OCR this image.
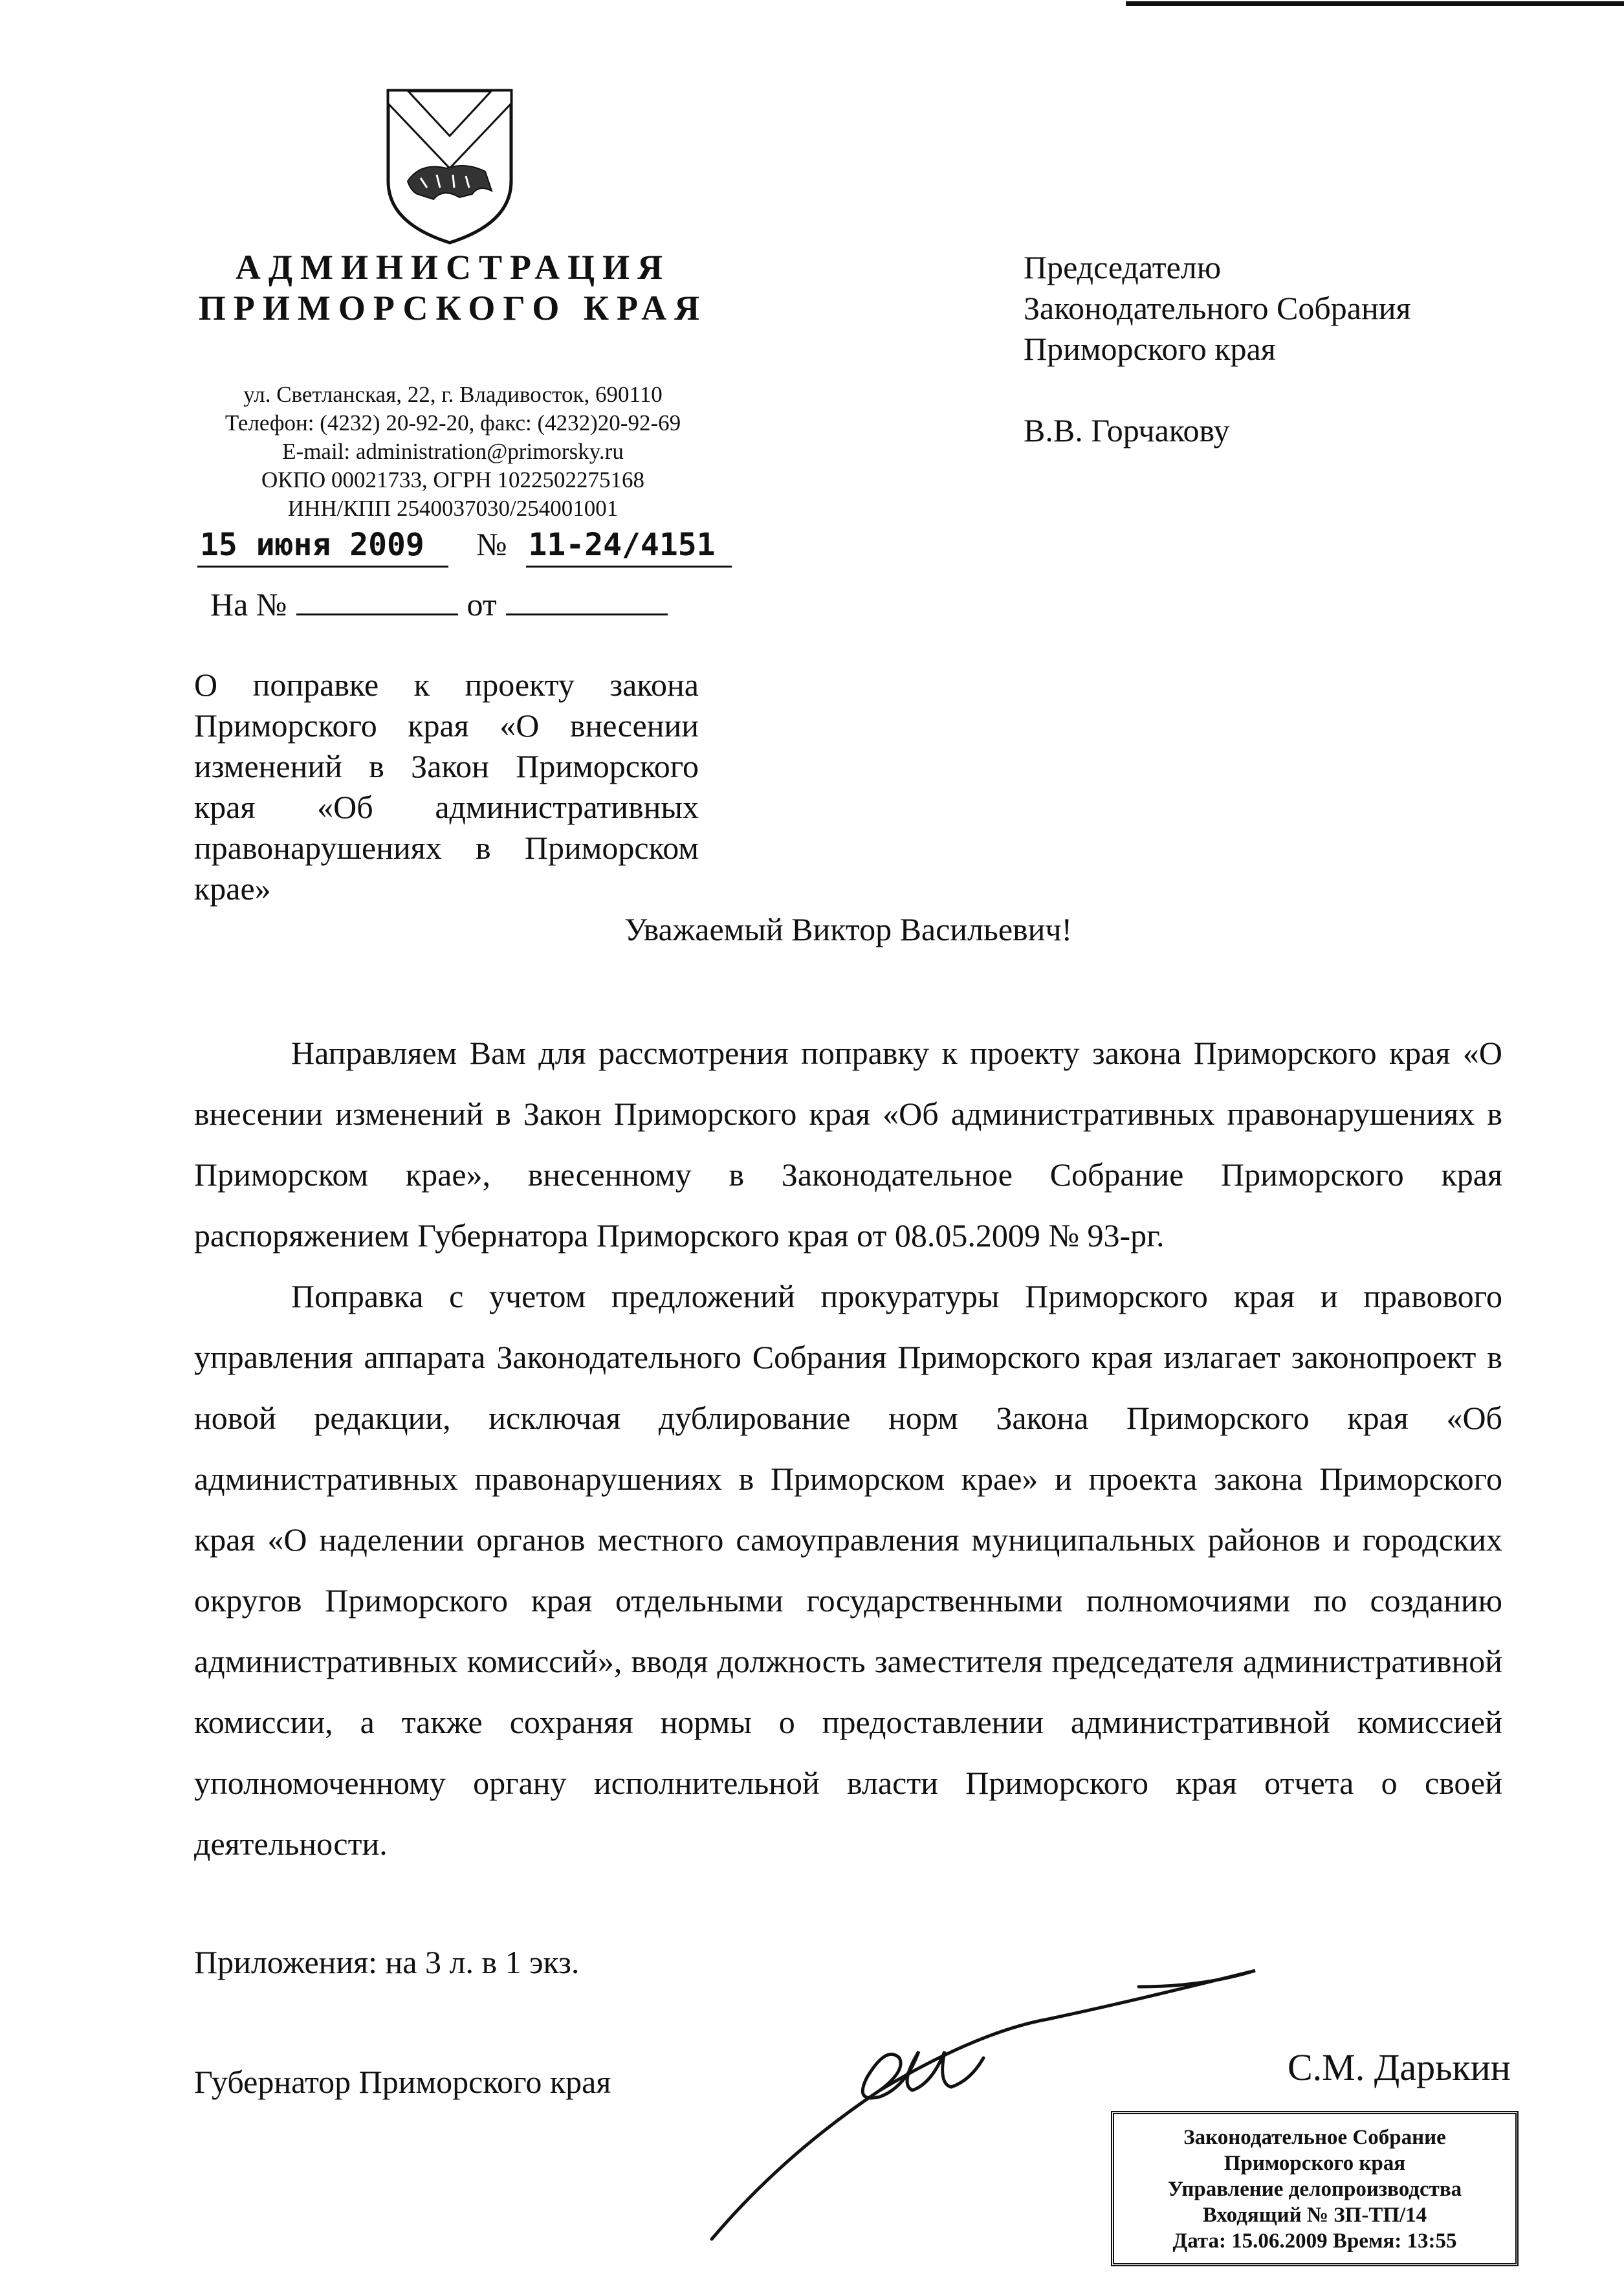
АДМИНИСТРАЦИЯ
ПРИМОРСКОГО КРАЯ
ул. Светланская, 22, г. Владивосток, 690110
Телефон: (4232) 20-92-20, факс: (4232)20-92-69
E-mail: administration@primorsky.ru
ОКПО 00021733, ОГРН 1022502275168
ИНН/КПП 2540037030/254001001
15 июня 2009 № 11-24/4151
На №	от
Председателю
Законодательного Собрания
Приморского края
В.В. Горчакову
О поправке к проекту закона Приморского края «О внесении изменений в Закон Приморского края «Об административных правонарушениях в Приморском крае»
Уважаемый Виктор Васильевич!
Направляем Вам для рассмотрения поправку к проекту закона Приморского края «О внесении изменений в Закон Приморского края «Об административных правонарушениях в Приморском крае», внесенному в Законодательное Собрание Приморского края распоряжением Губернатора Приморского края от 08.05.2009 № 93-рг.
Поправка с учетом предложений прокуратуры Приморского края и правового управления аппарата Законодательного Собрания Приморского края излагает законопроект в новой редакции, исключая дублирование норм Закона Приморского края «Об административных правонарушениях в Приморском крае» и проекта закона Приморского края «О наделении органов местного самоуправления муниципальных районов и городских округов Приморского края отдельными государственными полномочиями по созданию административных комиссий», вводя должность заместителя председателя административной комиссии, а также сохраняя нормы о предоставлении административной комиссией уполномоченному органу исполнительной власти Приморского края отчета о своей деятельности.
Приложения: на 3 л. в 1 экз.
Губернатор Приморского края	С.М. Дарькин
Законодательное Собрание
Приморского края
Управление делопроизводства
Входящий № ЗП-ТП/14
Дата: 15.06.2009 Время: 13:55
